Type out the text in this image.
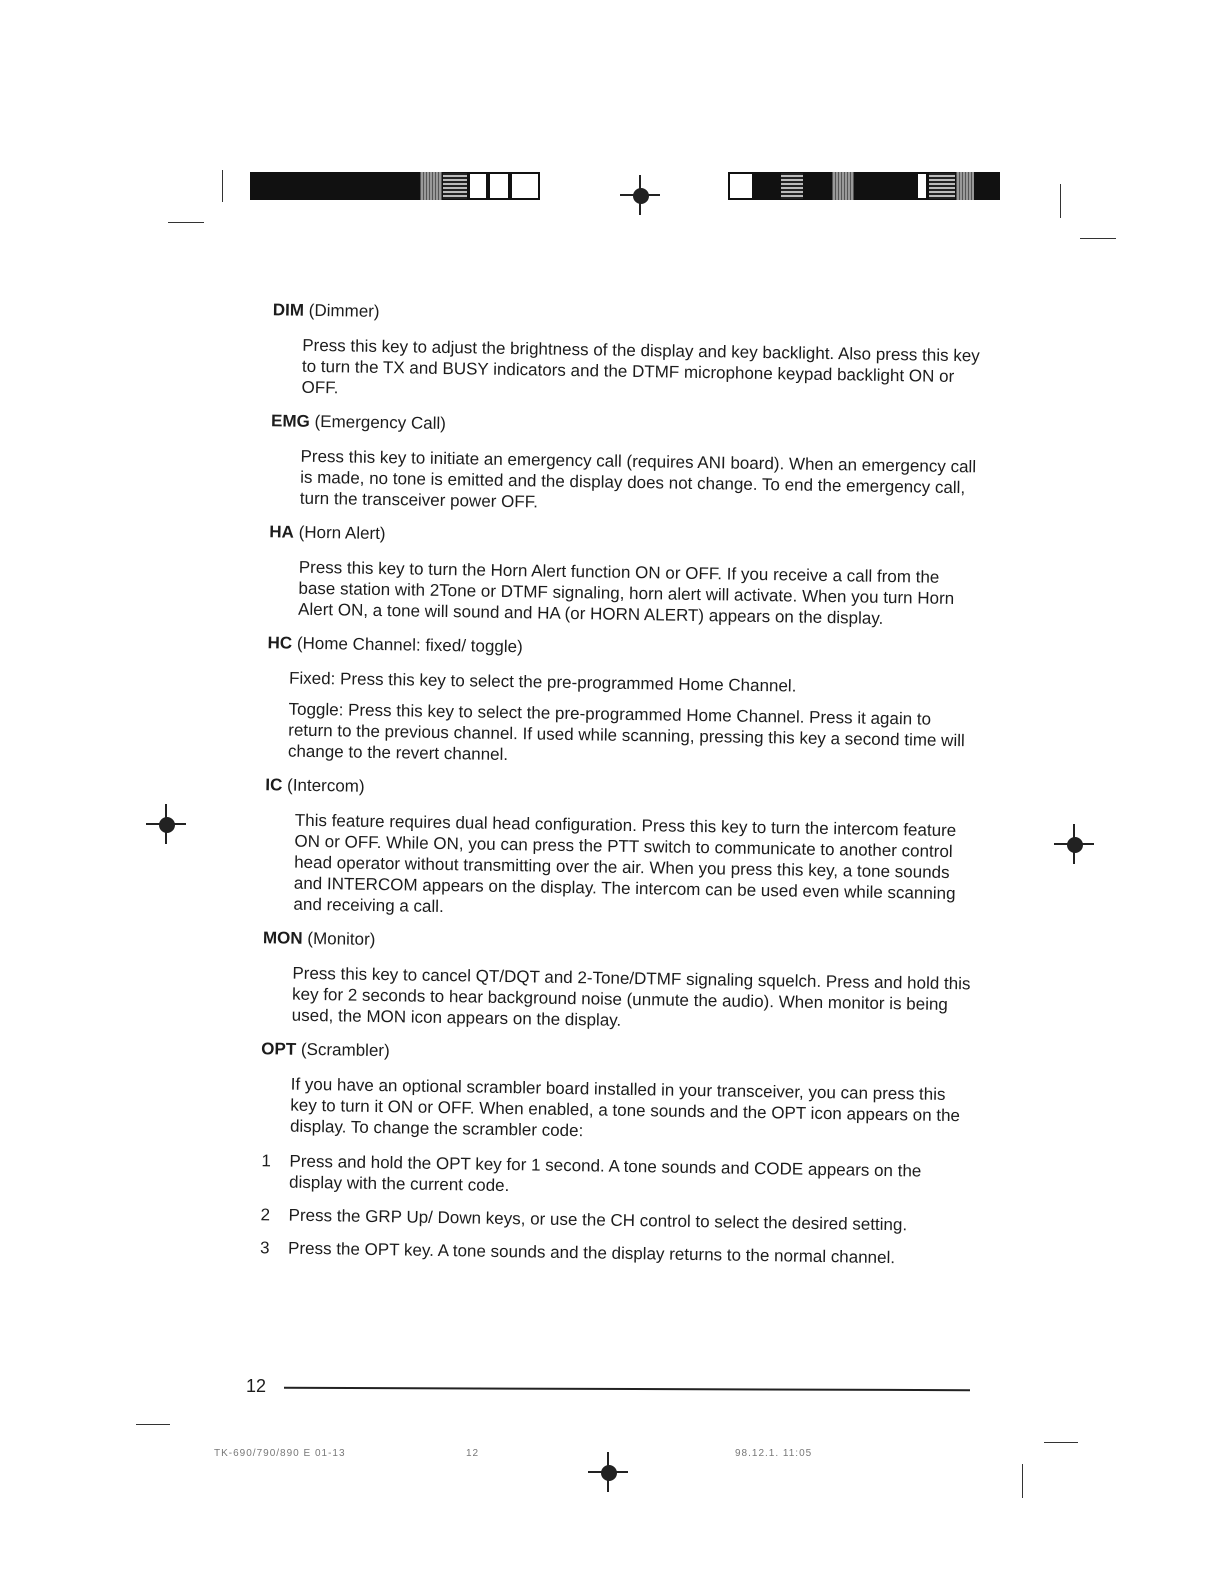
DIM (Dimmer)
Press this key to adjust the brightness of the display and key backlight. Also press this key to turn the TX and BUSY indicators and the DTMF microphone keypad backlight ON or OFF.
EMG (Emergency Call)
Press this key to initiate an emergency call (requires ANI board). When an emergency call is made, no tone is emitted and the display does not change. To end the emergency call, turn the transceiver power OFF.
HA (Horn Alert)
Press this key to turn the Horn Alert function ON or OFF. If you receive a call from the base station with 2Tone or DTMF signaling, horn alert will activate. When you turn Horn Alert ON, a tone will sound and HA (or HORN ALERT) appears on the display.
HC (Home Channel: fixed/ toggle)
Fixed: Press this key to select the pre-programmed Home Channel.
Toggle: Press this key to select the pre-programmed Home Channel. Press it again to return to the previous channel. If used while scanning, pressing this key a second time will change to the revert channel.
IC (Intercom)
This feature requires dual head configuration. Press this key to turn the intercom feature ON or OFF. While ON, you can press the PTT switch to communicate to another control head operator without transmitting over the air. When you press this key, a tone sounds and INTERCOM appears on the display. The intercom can be used even while scanning and receiving a call.
MON (Monitor)
Press this key to cancel QT/DQT and 2-Tone/DTMF signaling squelch. Press and hold this key for 2 seconds to hear background noise (unmute the audio). When monitor is being used, the MON icon appears on the display.
OPT (Scrambler)
If you have an optional scrambler board installed in your transceiver, you can press this key to turn it ON or OFF. When enabled, a tone sounds and the OPT icon appears on the display. To change the scrambler code:
1	Press and hold the OPT key for 1 second. A tone sounds and CODE appears on the display with the current code.
2	Press the GRP Up/ Down keys, or use the CH control to select the desired setting.
3	Press the OPT key. A tone sounds and the display returns to the normal channel.
12
TK-690/790/890 E 01-13	12	98.12.1. 11:05
